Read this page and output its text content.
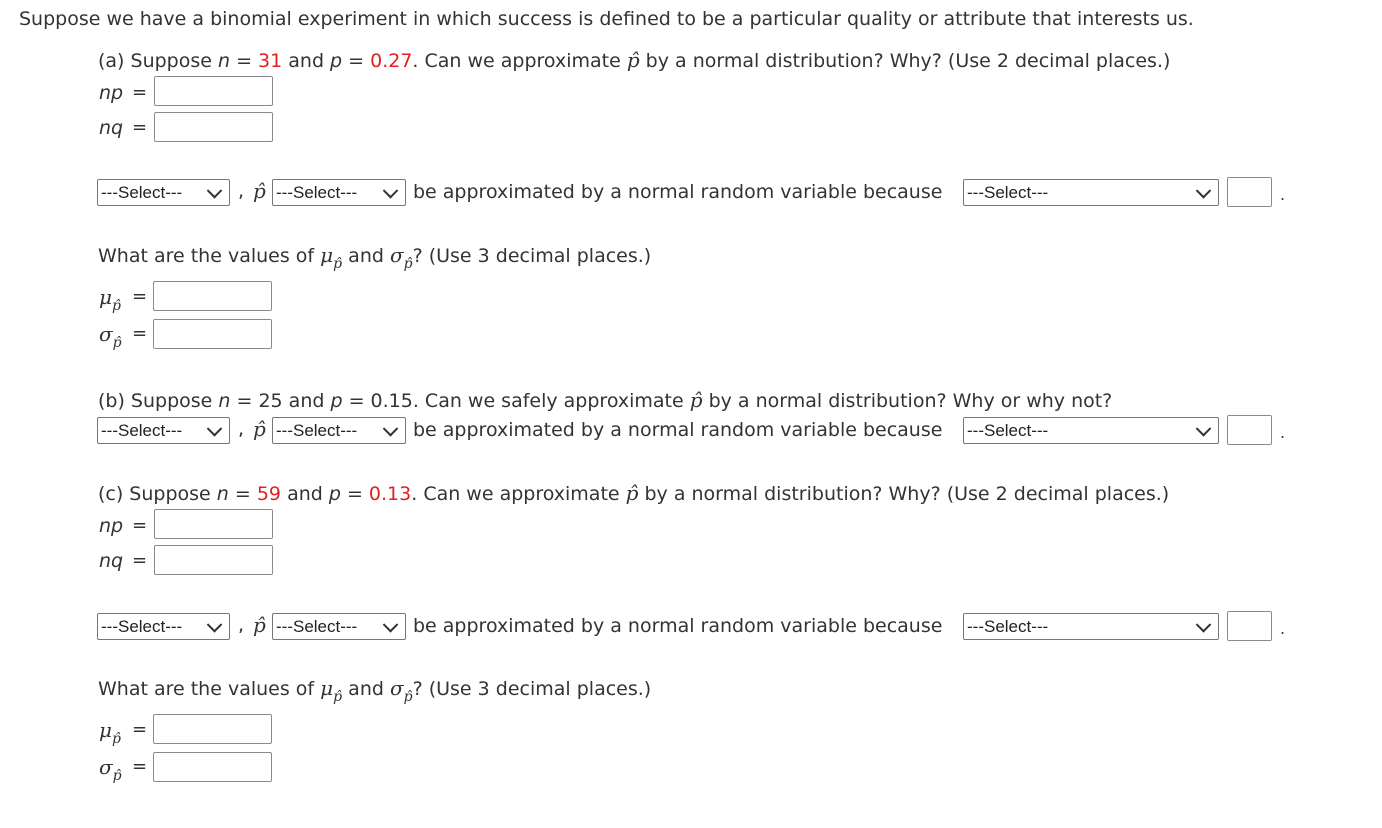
Suppose we have a binomial experiment in which success is defined to be a particular quality or attribute that interests us.
(a) Suppose n = 31 and p = 0.27. Can we approximate p̂ by a normal distribution? Why? (Use 2 decimal places.)
np =
nq =
---Select---	, p̂ ---Select---	be approximated by a normal random variable because ---Select---	.
What are the values of $\mu_{p̂}$ and $\sigma_{p̂}$? (Use 3 decimal places.)
$\mu_{p̂}$ =
$\sigma_{p̂}$ =
(b) Suppose n = 25 and p = 0.15. Can we safely approximate p̂ by a normal distribution? Why or why not?
---Select---	, p̂ ---Select---	be approximated by a normal random variable because ---Select---	.
(c) Suppose n = 59 and p = 0.13. Can we approximate p̂ by a normal distribution? Why? (Use 2 decimal places.)
np =
nq =
---Select---	, p̂ ---Select---	be approximated by a normal random variable because ---Select---	.
What are the values of $\mu_{p̂}$ and $\sigma_{p̂}$? (Use 3 decimal places.)
$\mu_{p̂}$ =
$\sigma_{p̂}$ =
